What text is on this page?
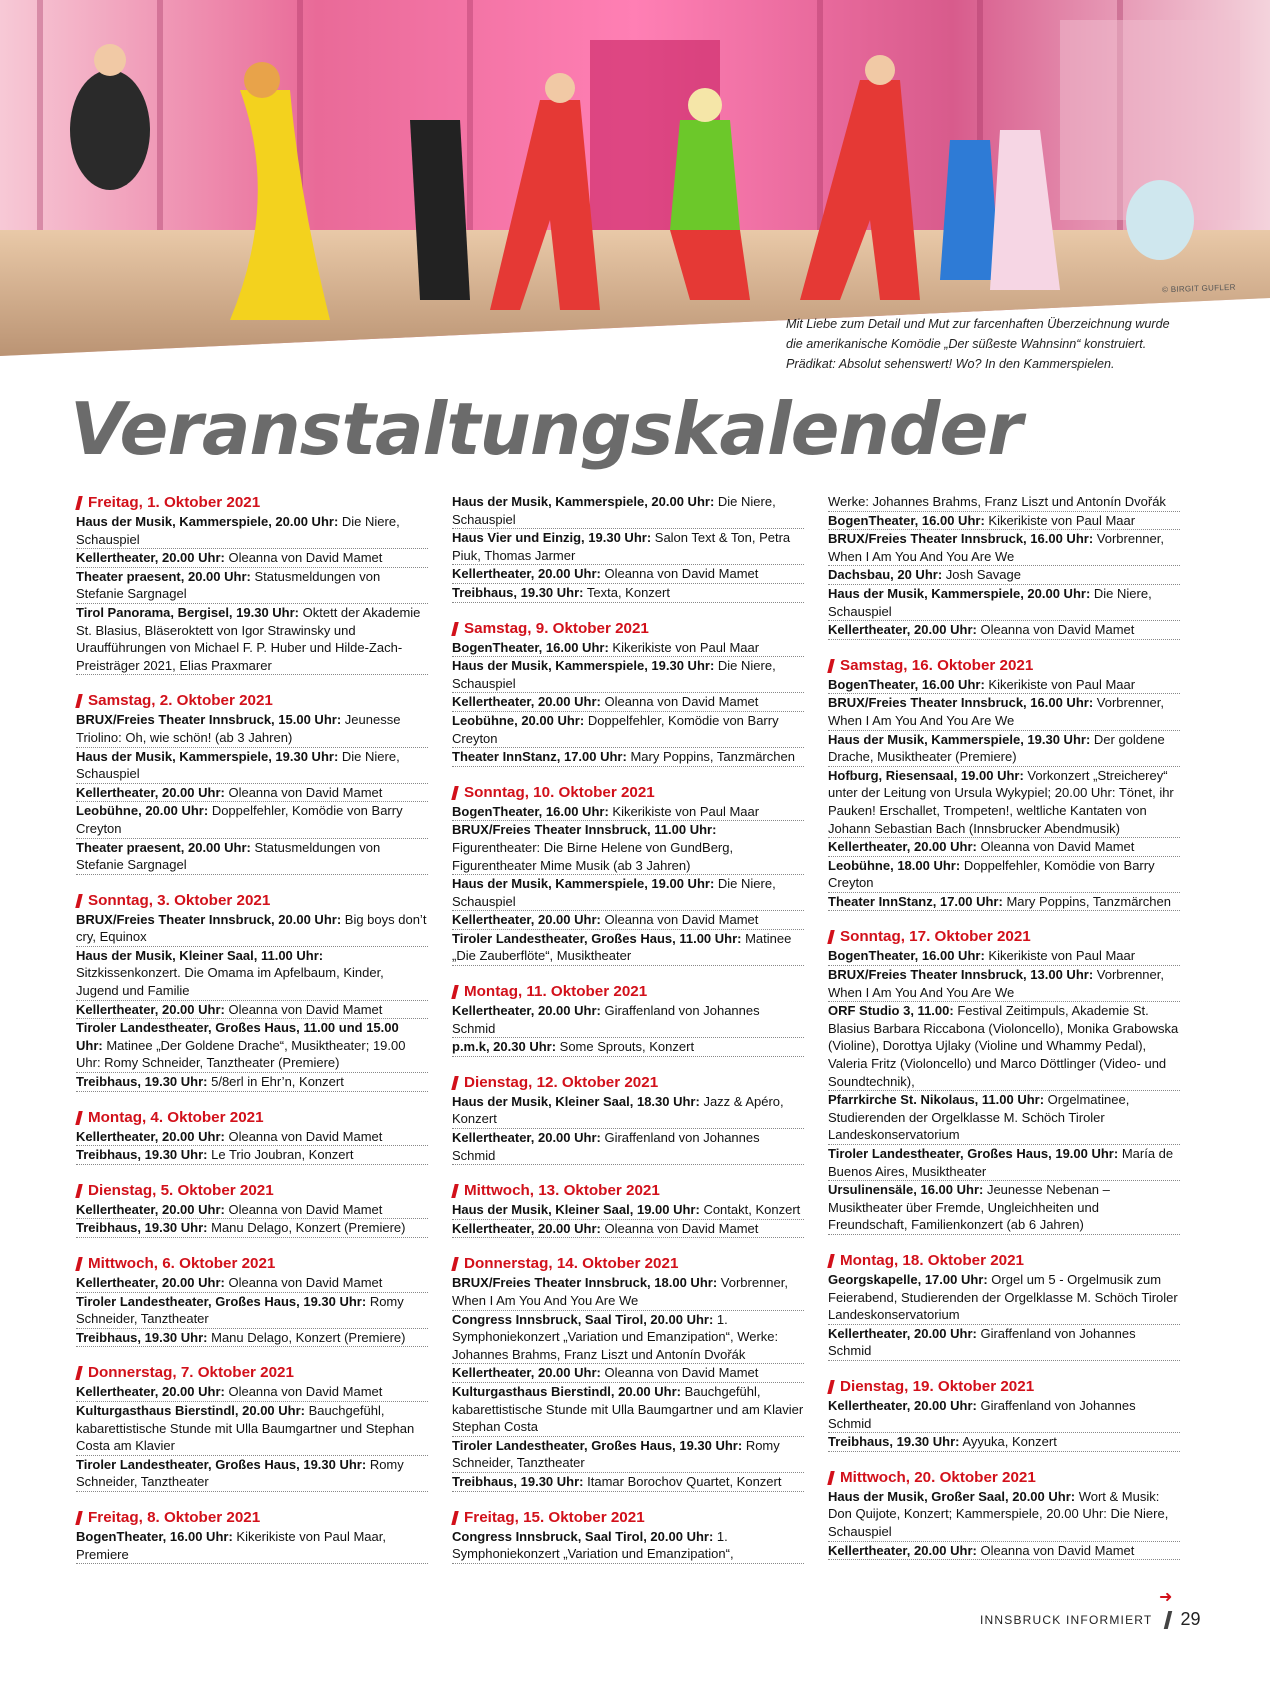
© BIRGIT GUFLER
Mit Liebe zum Detail und Mut zur farcenhaften Überzeichnung wurde die amerikanische Komödie „Der süßeste Wahnsinn“ konstruiert. Prädikat: Absolut sehenswert! Wo? In den Kammerspielen.
Veranstaltungskalender

Freitag, 1. Oktober 2021

Haus der Musik, Kammerspiele, 20.00 Uhr: Die Niere, Schauspiel

Kellertheater, 20.00 Uhr: Oleanna von David Mamet

Theater praesent, 20.00 Uhr: Statusmeldungen von Stefanie Sargnagel

Tirol Panorama, Bergisel, 19.30 Uhr: Oktett der Akademie St. Blasius, Bläseroktett von Igor Strawinsky und Uraufführungen von Michael F. P. Huber und Hilde-Zach-Preisträger 2021, Elias Praxmarer

Samstag, 2. Oktober 2021

BRUX/Freies Theater Innsbruck, 15.00 Uhr: Jeunesse Triolino: Oh, wie schön! (ab 3 Jahren)

Haus der Musik, Kammerspiele, 19.30 Uhr: Die Niere, Schauspiel

Kellertheater, 20.00 Uhr: Oleanna von David Mamet

Leobühne, 20.00 Uhr: Doppelfehler, Komödie von Barry Creyton

Theater praesent, 20.00 Uhr: Statusmeldungen von Stefanie Sargnagel

Sonntag, 3. Oktober 2021

BRUX/Freies Theater Innsbruck, 20.00 Uhr: Big boys don’t cry, Equinox

Haus der Musik, Kleiner Saal, 11.00 Uhr: Sitzkissenkonzert. Die Omama im Apfelbaum, Kinder, Jugend und Familie

Kellertheater, 20.00 Uhr: Oleanna von David Mamet

Tiroler Landestheater, Großes Haus, 11.00 und 15.00 Uhr: Matinee „Der Goldene Drache“, Musiktheater; 19.00 Uhr: Romy Schneider, Tanztheater (Premiere)

Treibhaus, 19.30 Uhr: 5/8erl in Ehr’n, Konzert

Montag, 4. Oktober 2021

Kellertheater, 20.00 Uhr: Oleanna von David Mamet

Treibhaus, 19.30 Uhr: Le Trio Joubran, Konzert

Dienstag, 5. Oktober 2021

Kellertheater, 20.00 Uhr: Oleanna von David Mamet

Treibhaus, 19.30 Uhr: Manu Delago, Konzert (Premiere)

Mittwoch, 6. Oktober 2021

Kellertheater, 20.00 Uhr: Oleanna von David Mamet

Tiroler Landestheater, Großes Haus, 19.30 Uhr: Romy Schneider, Tanztheater

Treibhaus, 19.30 Uhr: Manu Delago, Konzert (Premiere)

Donnerstag, 7. Oktober 2021

Kellertheater, 20.00 Uhr: Oleanna von David Mamet

Kulturgasthaus Bierstindl, 20.00 Uhr: Bauchgefühl, kabarettistische Stunde mit Ulla Baumgartner und Stephan Costa am Klavier

Tiroler Landestheater, Großes Haus, 19.30 Uhr: Romy Schneider, Tanztheater

Freitag, 8. Oktober 2021

BogenTheater, 16.00 Uhr: Kikerikiste von Paul Maar, Premiere

Haus der Musik, Kammerspiele, 20.00 Uhr: Die Niere, Schauspiel

Haus Vier und Einzig, 19.30 Uhr: Salon Text & Ton, Petra Piuk, Thomas Jarmer

Kellertheater, 20.00 Uhr: Oleanna von David Mamet

Treibhaus, 19.30 Uhr: Texta, Konzert

Samstag, 9. Oktober 2021

BogenTheater, 16.00 Uhr: Kikerikiste von Paul Maar

Haus der Musik, Kammerspiele, 19.30 Uhr: Die Niere, Schauspiel

Kellertheater, 20.00 Uhr: Oleanna von David Mamet

Leobühne, 20.00 Uhr: Doppelfehler, Komödie von Barry Creyton

Theater InnStanz, 17.00 Uhr: Mary Poppins, Tanzmärchen

Sonntag, 10. Oktober 2021

BogenTheater, 16.00 Uhr: Kikerikiste von Paul Maar

BRUX/Freies Theater Innsbruck, 11.00 Uhr: Figurentheater: Die Birne Helene von GundBerg, Figurentheater Mime Musik (ab 3 Jahren)

Haus der Musik, Kammerspiele, 19.00 Uhr: Die Niere, Schauspiel

Kellertheater, 20.00 Uhr: Oleanna von David Mamet

Tiroler Landestheater, Großes Haus, 11.00 Uhr: Matinee „Die Zauberflöte“, Musiktheater

Montag, 11. Oktober 2021

Kellertheater, 20.00 Uhr: Giraffenland von Johannes Schmid

p.m.k, 20.30 Uhr: Some Sprouts, Konzert

Dienstag, 12. Oktober 2021

Haus der Musik, Kleiner Saal, 18.30 Uhr: Jazz & Apéro, Konzert

Kellertheater, 20.00 Uhr: Giraffenland von Johannes Schmid

Mittwoch, 13. Oktober 2021

Haus der Musik, Kleiner Saal, 19.00 Uhr: Contakt, Konzert

Kellertheater, 20.00 Uhr: Oleanna von David Mamet

Donnerstag, 14. Oktober 2021

BRUX/Freies Theater Innsbruck, 18.00 Uhr: Vorbrenner, When I Am You And You Are We

Congress Innsbruck, Saal Tirol, 20.00 Uhr: 1. Symphoniekonzert „Variation und Emanzipation“, Werke: Johannes Brahms, Franz Liszt und Antonín Dvořák

Kellertheater, 20.00 Uhr: Oleanna von David Mamet

Kulturgasthaus Bierstindl, 20.00 Uhr: Bauchgefühl, kabarettistische Stunde mit Ulla Baumgartner und am Klavier Stephan Costa

Tiroler Landestheater, Großes Haus, 19.30 Uhr: Romy Schneider, Tanztheater

Treibhaus, 19.30 Uhr: Itamar Borochov Quartet, Konzert

Freitag, 15. Oktober 2021

Congress Innsbruck, Saal Tirol, 20.00 Uhr: 1. Symphoniekonzert „Variation und Emanzipation“,

Werke: Johannes Brahms, Franz Liszt und Antonín Dvořák

BogenTheater, 16.00 Uhr: Kikerikiste von Paul Maar

BRUX/Freies Theater Innsbruck, 16.00 Uhr: Vorbrenner, When I Am You And You Are We

Dachsbau, 20 Uhr: Josh Savage

Haus der Musik, Kammerspiele, 20.00 Uhr: Die Niere, Schauspiel

Kellertheater, 20.00 Uhr: Oleanna von David Mamet

Samstag, 16. Oktober 2021

BogenTheater, 16.00 Uhr: Kikerikiste von Paul Maar

BRUX/Freies Theater Innsbruck, 16.00 Uhr: Vorbrenner, When I Am You And You Are We

Haus der Musik, Kammerspiele, 19.30 Uhr: Der goldene Drache, Musiktheater (Premiere)

Hofburg, Riesensaal, 19.00 Uhr: Vorkonzert „Streicherey“ unter der Leitung von Ursula Wykypiel; 20.00 Uhr: Tönet, ihr Pauken! Erschallet, Trompeten!, weltliche Kantaten von Johann Sebastian Bach (Innsbrucker Abendmusik)

Kellertheater, 20.00 Uhr: Oleanna von David Mamet

Leobühne, 18.00 Uhr: Doppelfehler, Komödie von Barry Creyton

Theater InnStanz, 17.00 Uhr: Mary Poppins, Tanzmärchen

Sonntag, 17. Oktober 2021

BogenTheater, 16.00 Uhr: Kikerikiste von Paul Maar

BRUX/Freies Theater Innsbruck, 13.00 Uhr: Vorbrenner, When I Am You And You Are We

ORF Studio 3, 11.00: Festival Zeitimpuls, Akademie St. Blasius Barbara Riccabona (Violoncello), Monika Grabowska (Violine), Dorottya Ujlaky (Violine und Whammy Pedal), Valeria Fritz (Violoncello) und Marco Döttlinger (Video- und Soundtechnik),

Pfarrkirche St. Nikolaus, 11.00 Uhr: Orgelmatinee, Studierenden der Orgelklasse M. Schöch Tiroler Landeskonservatorium

Tiroler Landestheater, Großes Haus, 19.00 Uhr: María de Buenos Aires, Musiktheater

Ursulinensäle, 16.00 Uhr: Jeunesse Nebenan – Musiktheater über Fremde, Ungleichheiten und Freundschaft, Familienkonzert (ab 6 Jahren)

Montag, 18. Oktober 2021

Georgskapelle, 17.00 Uhr: Orgel um 5 - Orgelmusik zum Feierabend, Studierenden der Orgelklasse M. Schöch Tiroler Landeskonservatorium

Kellertheater, 20.00 Uhr: Giraffenland von Johannes Schmid

Dienstag, 19. Oktober 2021

Kellertheater, 20.00 Uhr: Giraffenland von Johannes Schmid

Treibhaus, 19.30 Uhr: Ayyuka, Konzert

Mittwoch, 20. Oktober 2021

Haus der Musik, Großer Saal, 20.00 Uhr: Wort & Musik: Don Quijote, Konzert; Kammerspiele, 20.00 Uhr: Die Niere, Schauspiel

Kellertheater, 20.00 Uhr: Oleanna von David Mamet

➜
INNSBRUCK INFORMIERT 29
